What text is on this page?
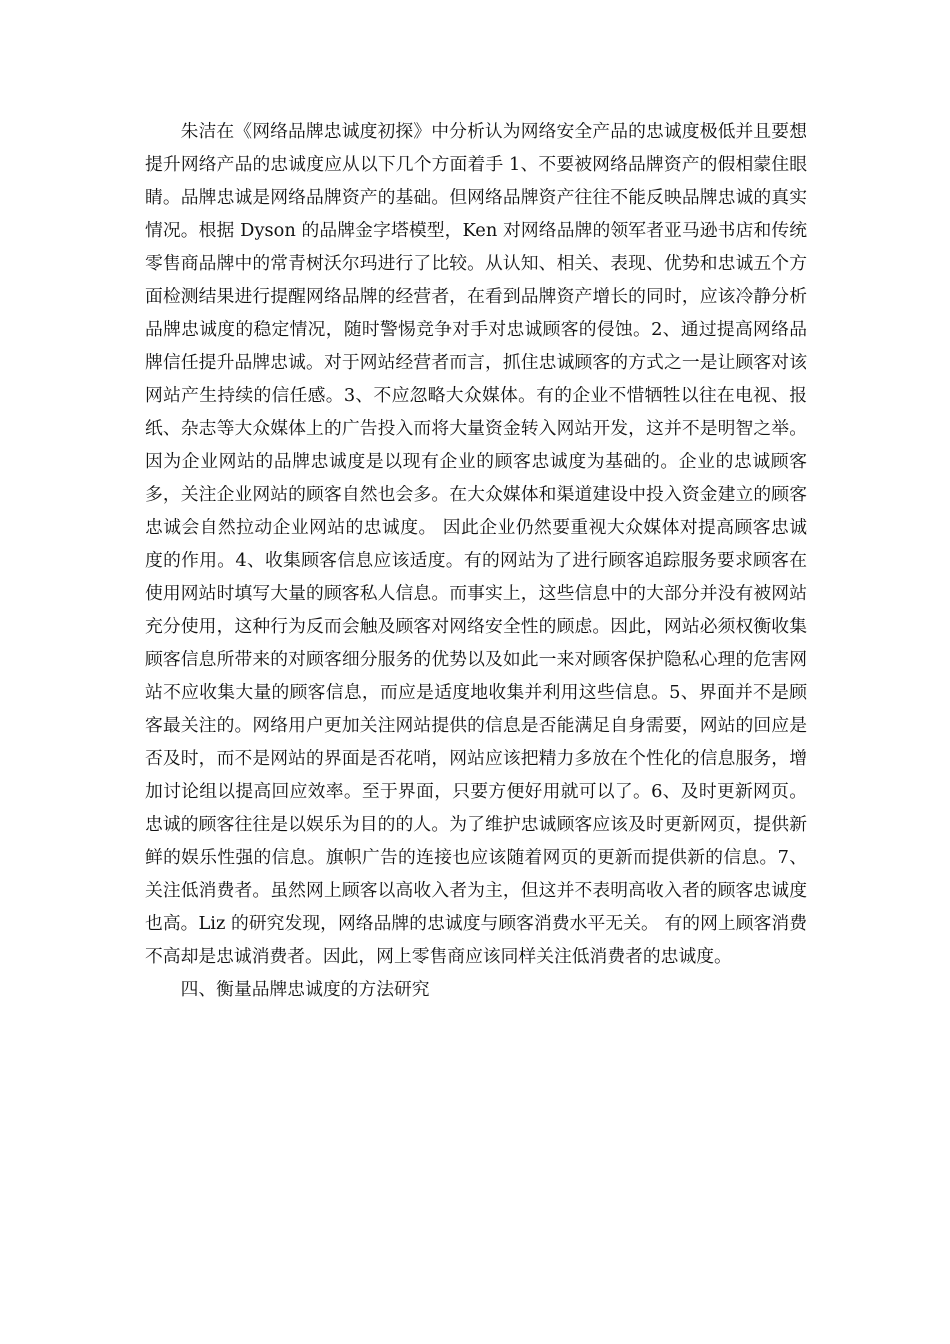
朱洁在《网络品牌忠诚度初探》中分析认为网络安全产品的忠诚度极低并且要想提升网络产品的忠诚度应从以下几个方面着手 1、不要被网络品牌资产的假相蒙住眼睛。品牌忠诚是网络品牌资产的基础。但网络品牌资产往往不能反映品牌忠诚的真实情况。根据 Dyson 的品牌金字塔模型，Ken 对网络品牌的领军者亚马逊书店和传统零售商品牌中的常青树沃尔玛进行了比较。从认知、相关、表现、优势和忠诚五个方面检测结果进行提醒网络品牌的经营者，在看到品牌资产增长的同时，应该冷静分析品牌忠诚度的稳定情况，随时警惕竞争对手对忠诚顾客的侵蚀。2、通过提高网络品牌信任提升品牌忠诚。对于网站经营者而言，抓住忠诚顾客的方式之一是让顾客对该网站产生持续的信任感。3、不应忽略大众媒体。有的企业不惜牺牲以往在电视、报纸、杂志等大众媒体上的广告投入而将大量资金转入网站开发，这并不是明智之举。因为企业网站的品牌忠诚度是以现有企业的顾客忠诚度为基础的。企业的忠诚顾客多，关注企业网站的顾客自然也会多。在大众媒体和渠道建设中投入资金建立的顾客忠诚会自然拉动企业网站的忠诚度。 因此企业仍然要重视大众媒体对提高顾客忠诚度的作用。4、收集顾客信息应该适度。有的网站为了进行顾客追踪服务要求顾客在使用网站时填写大量的顾客私人信息。而事实上，这些信息中的大部分并没有被网站充分使用，这种行为反而会触及顾客对网络安全性的顾虑。因此，网站必须权衡收集顾客信息所带来的对顾客细分服务的优势以及如此一来对顾客保护隐私心理的危害网站不应收集大量的顾客信息，而应是适度地收集并利用这些信息。5、界面并不是顾客最关注的。网络用户更加关注网站提供的信息是否能满足自身需要，网站的回应是否及时，而不是网站的界面是否花哨，网站应该把精力多放在个性化的信息服务，增加讨论组以提高回应效率。至于界面，只要方便好用就可以了。6、及时更新网页。忠诚的顾客往往是以娱乐为目的的人。为了维护忠诚顾客应该及时更新网页，提供新鲜的娱乐性强的信息。旗帜广告的连接也应该随着网页的更新而提供新的信息。7、关注低消费者。虽然网上顾客以高收入者为主，但这并不表明高收入者的顾客忠诚度也高。Liz 的研究发现，网络品牌的忠诚度与顾客消费水平无关。 有的网上顾客消费不高却是忠诚消费者。因此，网上零售商应该同样关注低消费者的忠诚度。

四、衡量品牌忠诚度的方法研究
